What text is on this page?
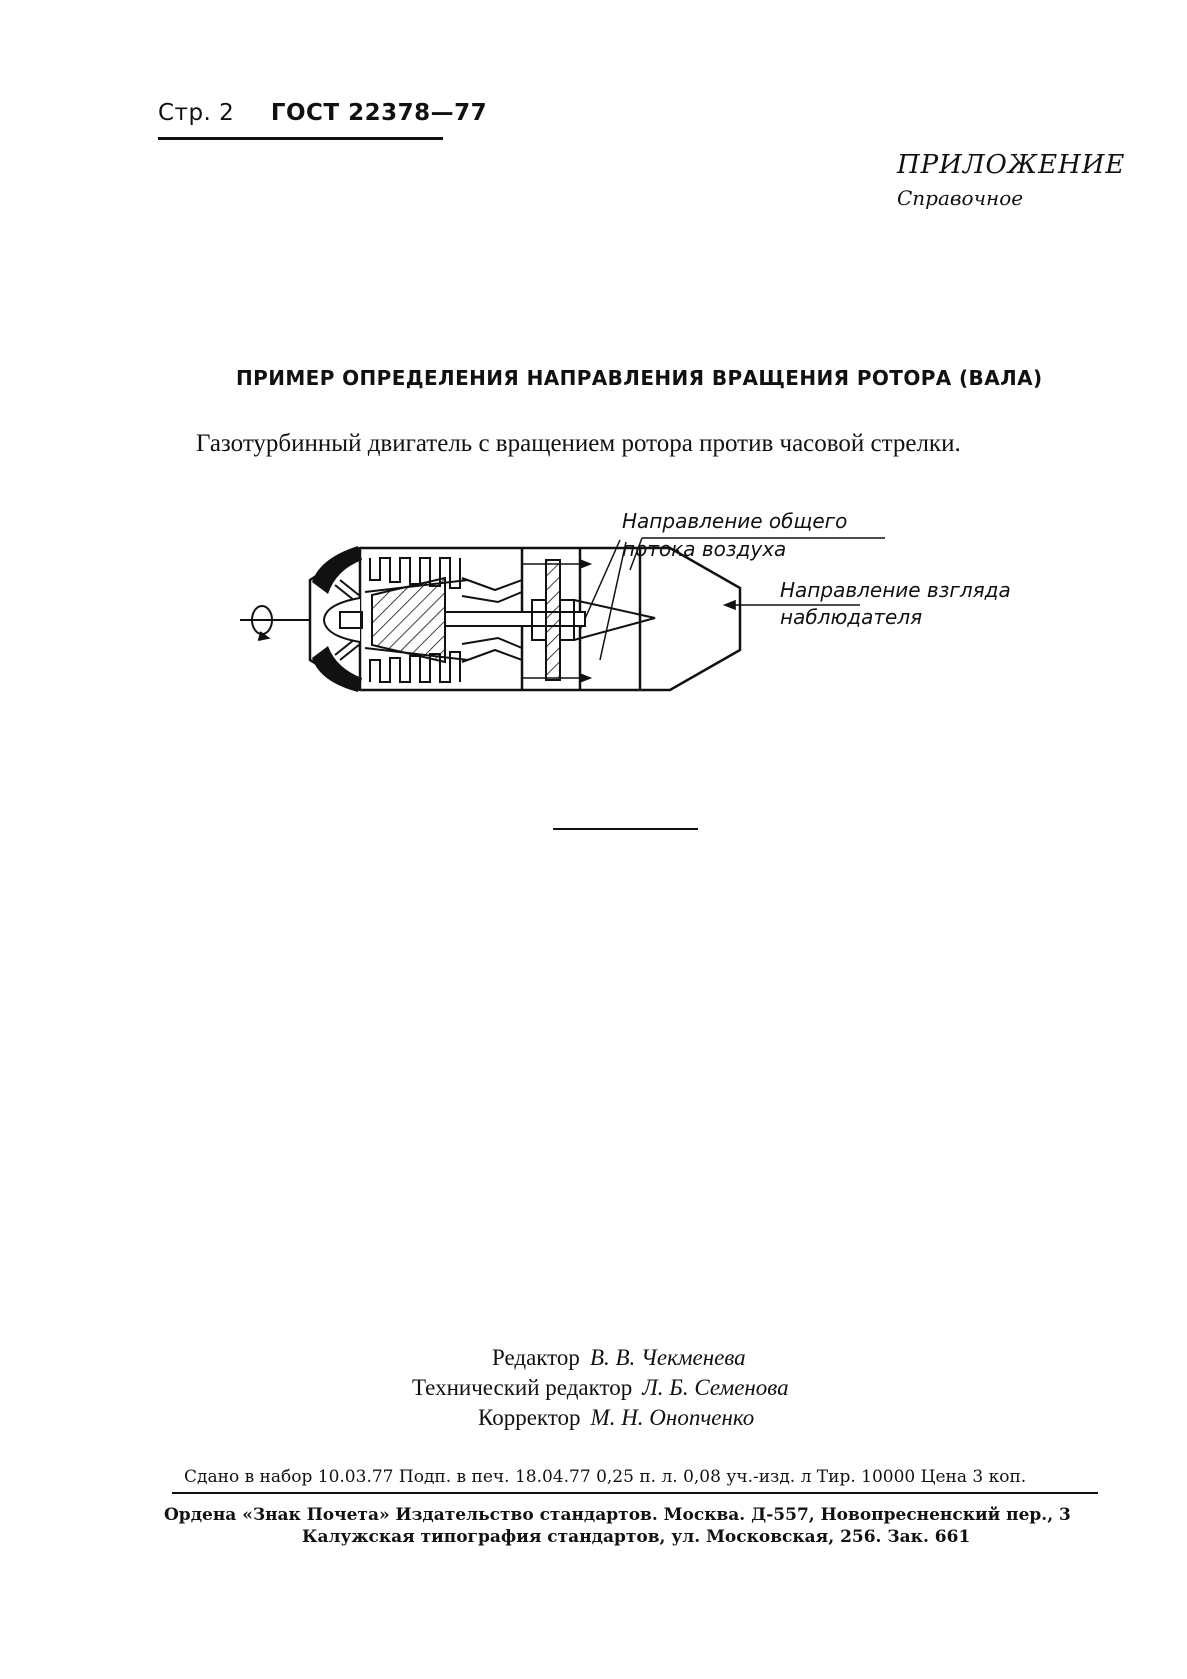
Стр. 2 ГОСТ 22378—77
ПРИЛОЖЕНИЕ
Справочное
ПРИМЕР ОПРЕДЕЛЕНИЯ НАПРАВЛЕНИЯ ВРАЩЕНИЯ РОТОРА (ВАЛА)
Газотурбинный двигатель с вращением ротора против часовой стрелки.
Направление общего
потока воздуха
Направление взгляда
наблюдателя
Редактор В. В. Чекменева
Технический редактор Л. Б. Семенова
Корректор М. Н. Онопченко
Сдано в набор 10.03.77 Подп. в печ. 18.04.77 0,25 п. л. 0,08 уч.-изд. л Тир. 10000 Цена 3 коп.
Ордена «Знак Почета» Издательство стандартов. Москва. Д-557, Новопресненский пер., 3
Калужская типография стандартов, ул. Московская, 256. Зак. 661
